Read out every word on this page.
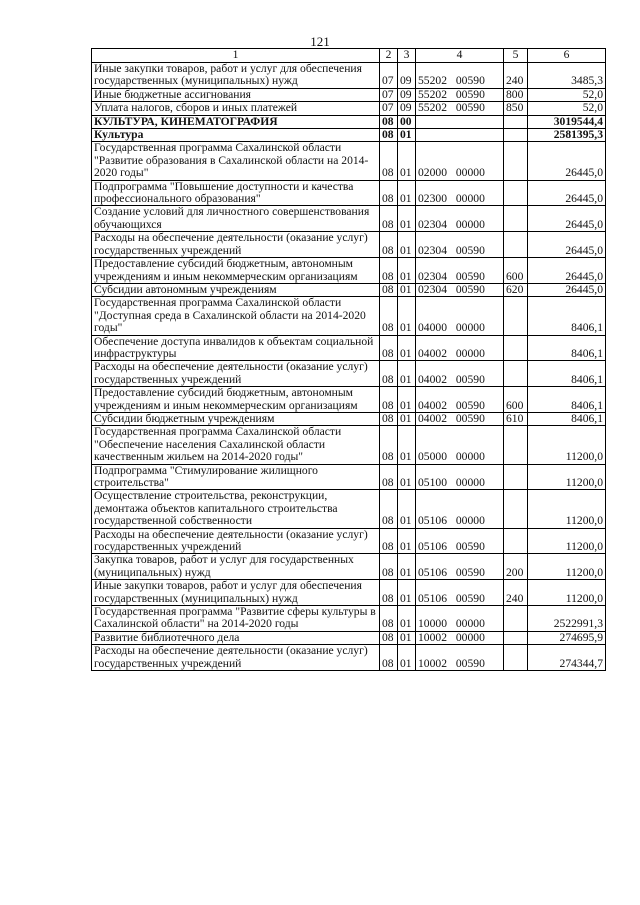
121
1	2	3	4	5	6
Иные закупки товаров, работ и услуг для обеспечения государственных (муниципальных) нужд	07	09	55202 00590	240	3485,3
Иные бюджетные ассигнования	07	09	55202 00590	800	52,0
Уплата налогов, сборов и иных платежей	07	09	55202 00590	850	52,0
КУЛЬТУРА, КИНЕМАТОГРАФИЯ	08	00			3019544,4
Культура	08	01			2581395,3
Государственная программа Сахалинской области "Развитие образования в Сахалинской области на 2014-2020 годы"	08	01	02000 00000		26445,0
Подпрограмма "Повышение доступности и качества профессионального образования"	08	01	02300 00000		26445,0
Создание условий для личностного совершенствования обучающихся	08	01	02304 00000		26445,0
Расходы на обеспечение деятельности (оказание услуг) государственных учреждений	08	01	02304 00590		26445,0
Предоставление субсидий бюджетным, автономным учреждениям и иным некоммерческим организациям	08	01	02304 00590	600	26445,0
Субсидии автономным учреждениям	08	01	02304 00590	620	26445,0
Государственная программа Сахалинской области "Доступная среда в Сахалинской области на 2014-2020 годы"	08	01	04000 00000		8406,1
Обеспечение доступа инвалидов к объектам социальной инфраструктуры	08	01	04002 00000		8406,1
Расходы на обеспечение деятельности (оказание услуг) государственных учреждений	08	01	04002 00590		8406,1
Предоставление субсидий бюджетным, автономным учреждениям и иным некоммерческим организациям	08	01	04002 00590	600	8406,1
Субсидии бюджетным учреждениям	08	01	04002 00590	610	8406,1
Государственная программа Сахалинской области "Обеспечение населения Сахалинской области качественным жильем на 2014-2020 годы"	08	01	05000 00000		11200,0
Подпрограмма "Стимулирование жилищного строительства"	08	01	05100 00000		11200,0
Осуществление строительства, реконструкции, демонтажа объектов капитального строительства государственной собственности	08	01	05106 00000		11200,0
Расходы на обеспечение деятельности (оказание услуг) государственных учреждений	08	01	05106 00590		11200,0
Закупка товаров, работ и услуг для государственных (муниципальных) нужд	08	01	05106 00590	200	11200,0
Иные закупки товаров, работ и услуг для обеспечения государственных (муниципальных) нужд	08	01	05106 00590	240	11200,0
Государственная программа "Развитие сферы культуры в Сахалинской области" на 2014-2020 годы	08	01	10000 00000		2522991,3
Развитие библиотечного дела	08	01	10002 00000		274695,9
Расходы на обеспечение деятельности (оказание услуг) государственных учреждений	08	01	10002 00590		274344,7
